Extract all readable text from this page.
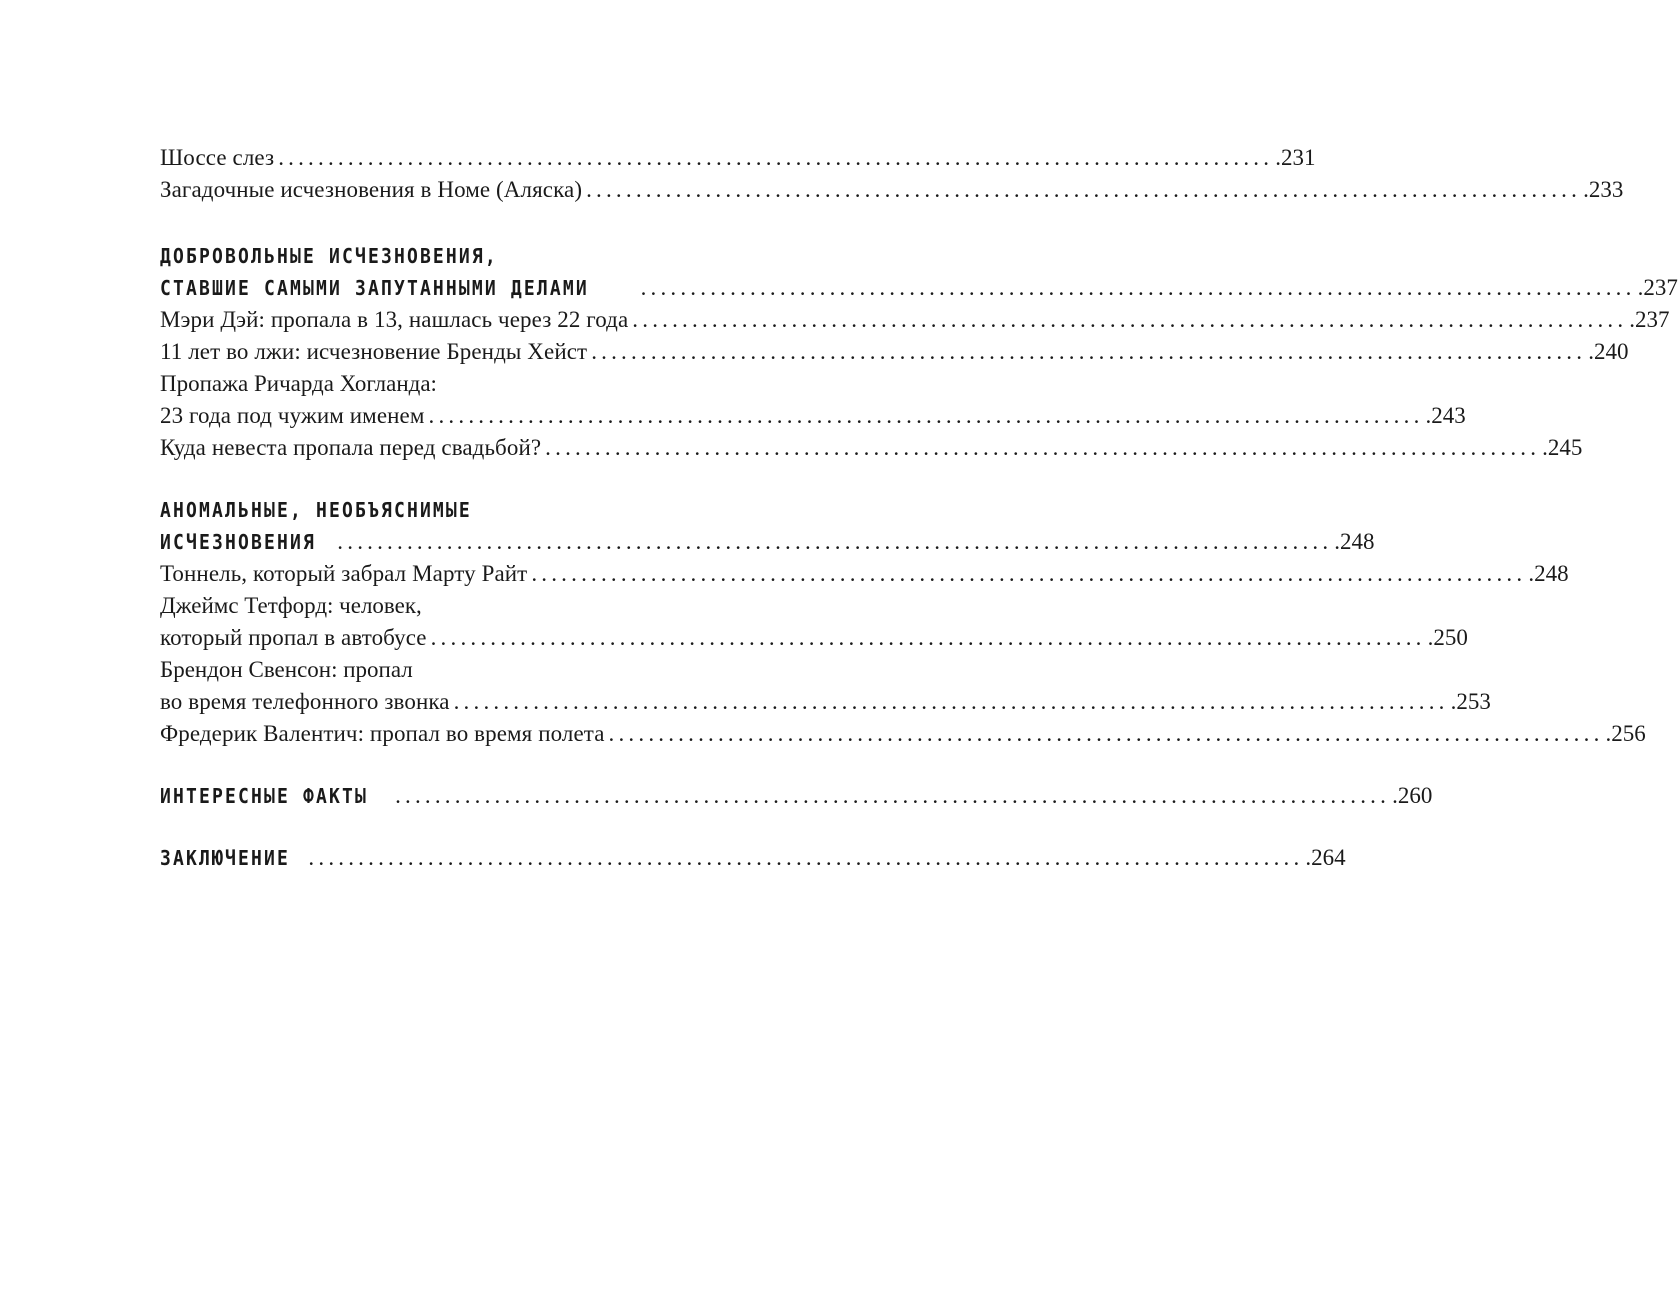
Шоссе слез .................................................................................................... .231
Загадочные исчезновения в Номе (Аляска) .................................................................................................... .233
ДОБРОВОЛЬНЫЕ ИСЧЕЗНОВЕНИЯ,
СТАВШИЕ САМЫМИ ЗАПУТАННЫМИ ДЕЛАМИ	.................................................................................................... .237
Мэри Дэй: пропала в 13, нашлась через 22 года .................................................................................................... .237
11 лет во лжи: исчезновение Бренды Хейст .................................................................................................... .240
Пропажа Ричарда Хогланда:
23 года под чужим именем .................................................................................................... .243
Куда невеста пропала перед свадьбой? .................................................................................................... .245
АНОМАЛЬНЫЕ, НЕОБЪЯСНИМЫЕ
ИСЧЕЗНОВЕНИЯ .................................................................................................... .248
Тоннель, который забрал Марту Райт .................................................................................................... .248
Джеймс Тетфорд: человек,
который пропал в автобусе .................................................................................................... .250
Брендон Свенсон: пропал
во время телефонного звонка .................................................................................................... .253
Фредерик Валентич: пропал во время полета .................................................................................................... .256
ИНТЕРЕСНЫЕ ФАКТЫ	.................................................................................................... .260
ЗАКЛЮЧЕНИЕ .................................................................................................... .264
